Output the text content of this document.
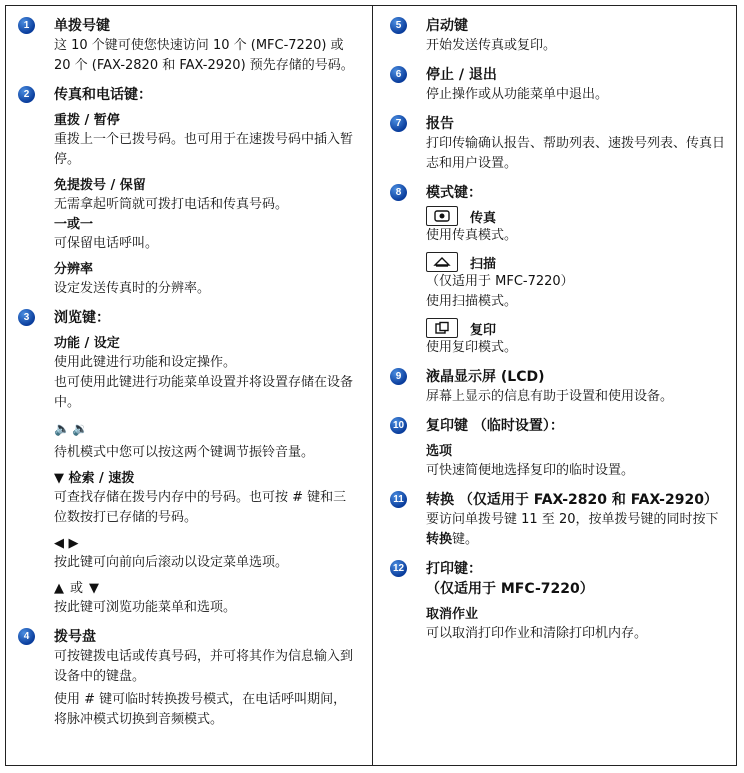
1	单拨号键
这 10 个键可使您快速访问 10 个 (MFC-7220) 或 20 个 (FAX-2820 和 FAX-2920) 预先存储的号码。
2	传真和电话键：
重拨 / 暂停
重拨上一个已拨号码。也可用于在速拨号码中插入暂停。
免提拨号 / 保留
无需拿起听筒就可拨打电话和传真号码。
一或一
可保留电话呼叫。
分辨率
设定发送传真时的分辨率。
3	浏览键：
功能 / 设定
使用此键进行功能和设定操作。
也可使用此键进行功能菜单设置并将设置存储在设备中。
🔈🔉
待机模式中您可以按这两个键调节振铃音量。
▼ 检索 / 速拨
可查找存储在拨号内存中的号码。也可按 # 键和三位数按打已存储的号码。
◀ ▶
按此键可向前向后滚动以设定菜单选项。
▲ 或 ▼
按此键可浏览功能菜单和选项。
4	拨号盘
可按键拨电话或传真号码，并可将其作为信息输入到设备中的键盘。
使用 # 键可临时转换拨号模式，在电话呼叫期间，将脉冲模式切换到音频模式。
5	启动键
开始发送传真或复印。
6	停止 / 退出
停止操作或从功能菜单中退出。
7	报告
打印传输确认报告、帮助列表、速拨号列表、传真日志和用户设置。
8	模式键：
传真
使用传真模式。
扫描
（仅适用于 MFC-7220）
使用扫描模式。
复印
使用复印模式。
9	液晶显示屏 (LCD)
屏幕上显示的信息有助于设置和使用设备。
10 复印键 （临时设置）：
选项
可快速简便地选择复印的临时设置。
11 转换 （仅适用于 FAX-2820 和 FAX-2920）
要访问单拨号键 11 至 20，按单拨号键的同时按下转换键。
12 打印键：
（仅适用于 MFC-7220）
取消作业
可以取消打印作业和清除打印机内存。
